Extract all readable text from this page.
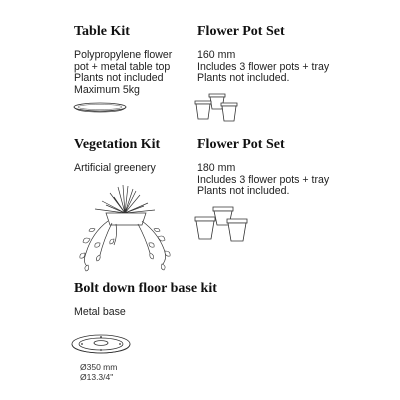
Table Kit
Polypropylene flower
pot + metal table top
Plants not included
Maximum 5kg
Flower Pot Set
160 mm
Includes 3 flower pots + tray
Plants not included.
Vegetation Kit
Artificial greenery
Flower Pot Set
180 mm
Includes 3 flower pots + tray
Plants not included.
Bolt down floor base kit
Metal base
Ø350 mm
Ø13.3/4"
